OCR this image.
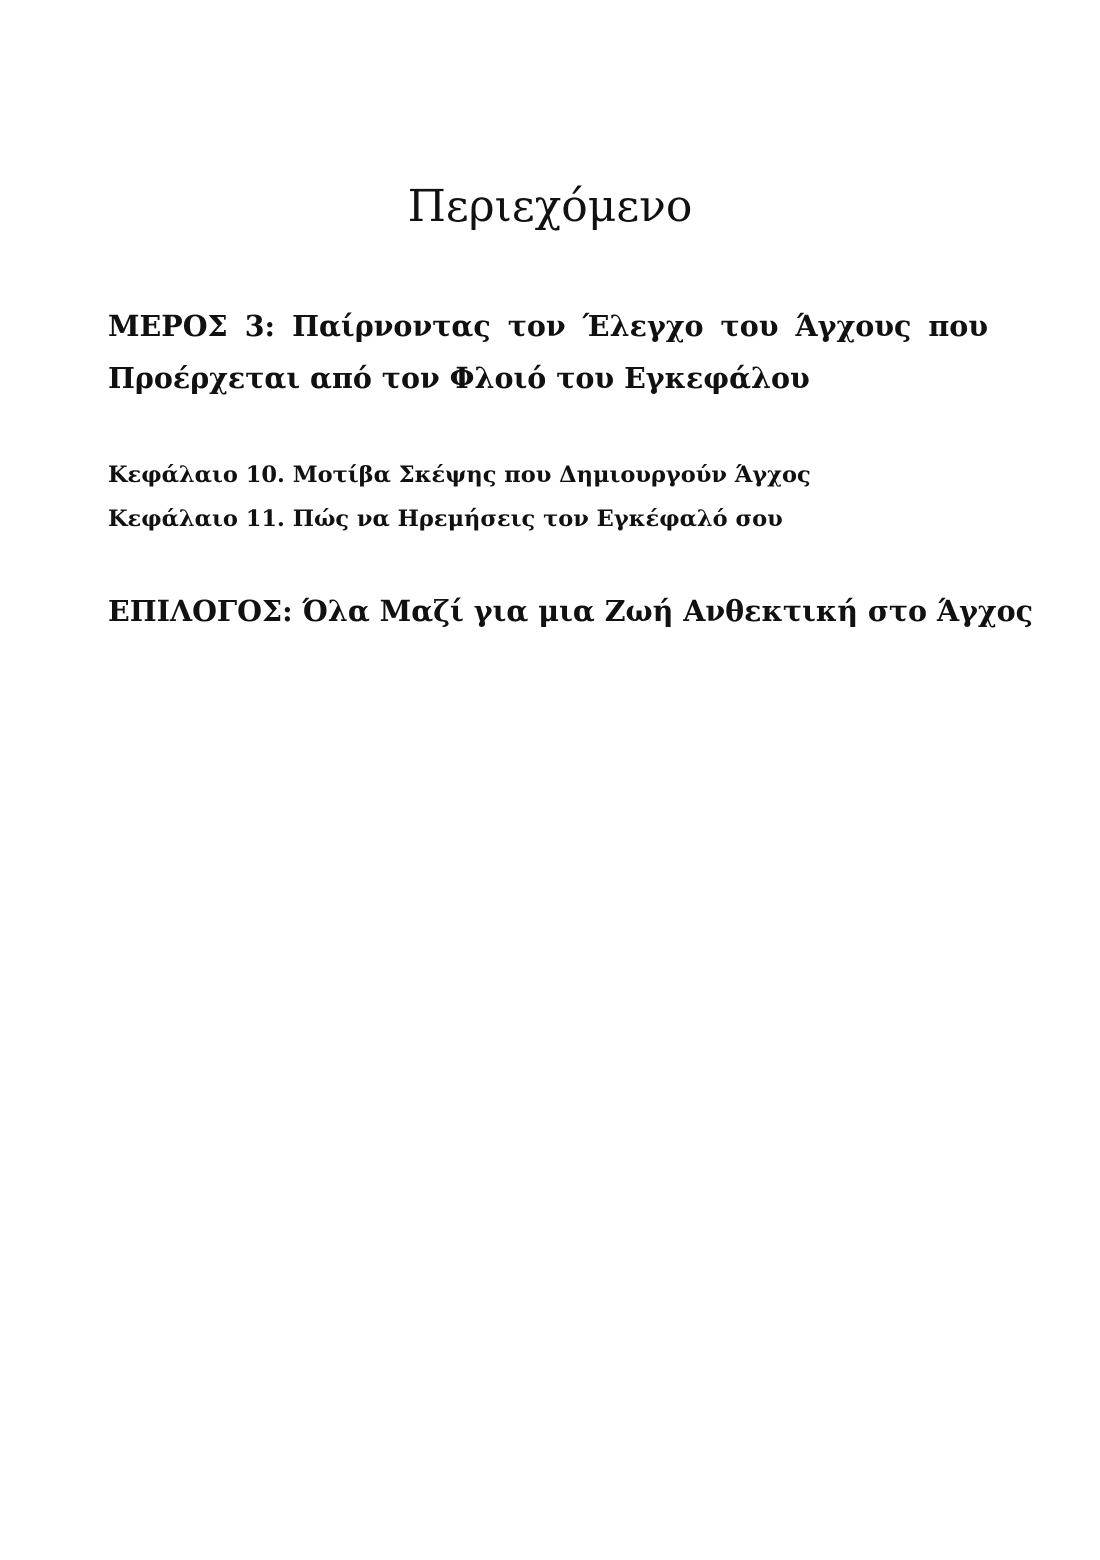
Περιεχόμενο
ΜΕΡΟΣ 3: Παίρνοντας τον Έλεγχο του Άγχους που
Προέρχεται από τον Φλοιό του Εγκεφάλου
Κεφάλαιο 10. Μοτίβα Σκέψης που Δημιουργούν Άγχος
Κεφάλαιο 11. Πώς να Ηρεμήσεις τον Εγκέφαλό σου
ΕΠΙΛΟΓΟΣ: Όλα Μαζί για μια Ζωή Ανθεκτική στο Άγχος
